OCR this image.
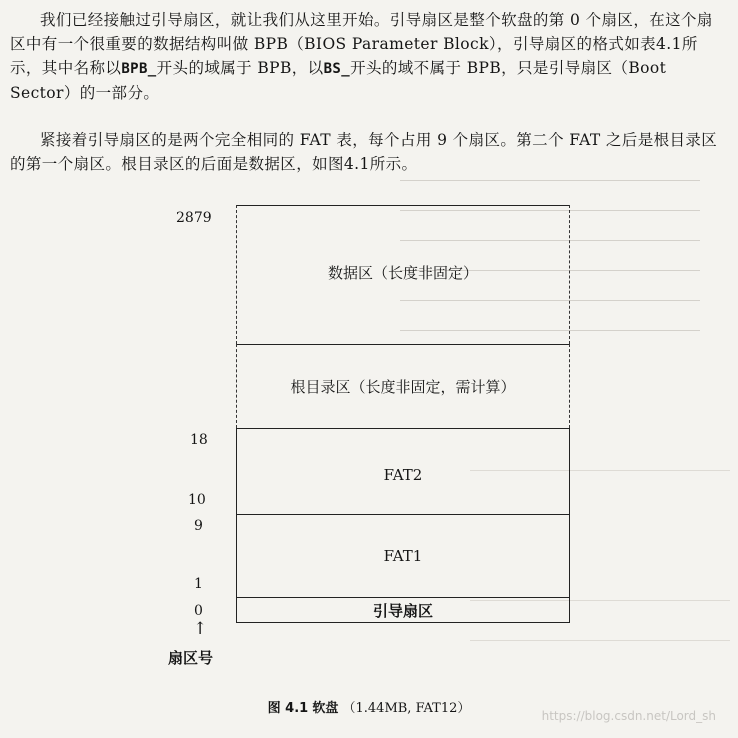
我们已经接触过引导扇区，就让我们从这里开始。引导扇区是整个软盘的第 0 个扇区，在这个扇区中有一个很重要的数据结构叫做 BPB（BIOS Parameter Block），引导扇区的格式如表4.1所示，其中名称以BPB_开头的域属于 BPB，以BS_开头的域不属于 BPB，只是引导扇区（Boot Sector）的一部分。

紧接着引导扇区的是两个完全相同的 FAT 表，每个占用 9 个扇区。第二个 FAT 之后是根目录区的第一个扇区。根目录区的后面是数据区，如图4.1所示。

数据区（长度非固定）
2879
根目录区（长度非固定，需计算）
FAT2
18
10
FAT1
9
1
引导扇区
0
↑
扇区号
图 4.1 软盘 （1.44MB, FAT12）	https://blog.csdn.net/Lord_sh
